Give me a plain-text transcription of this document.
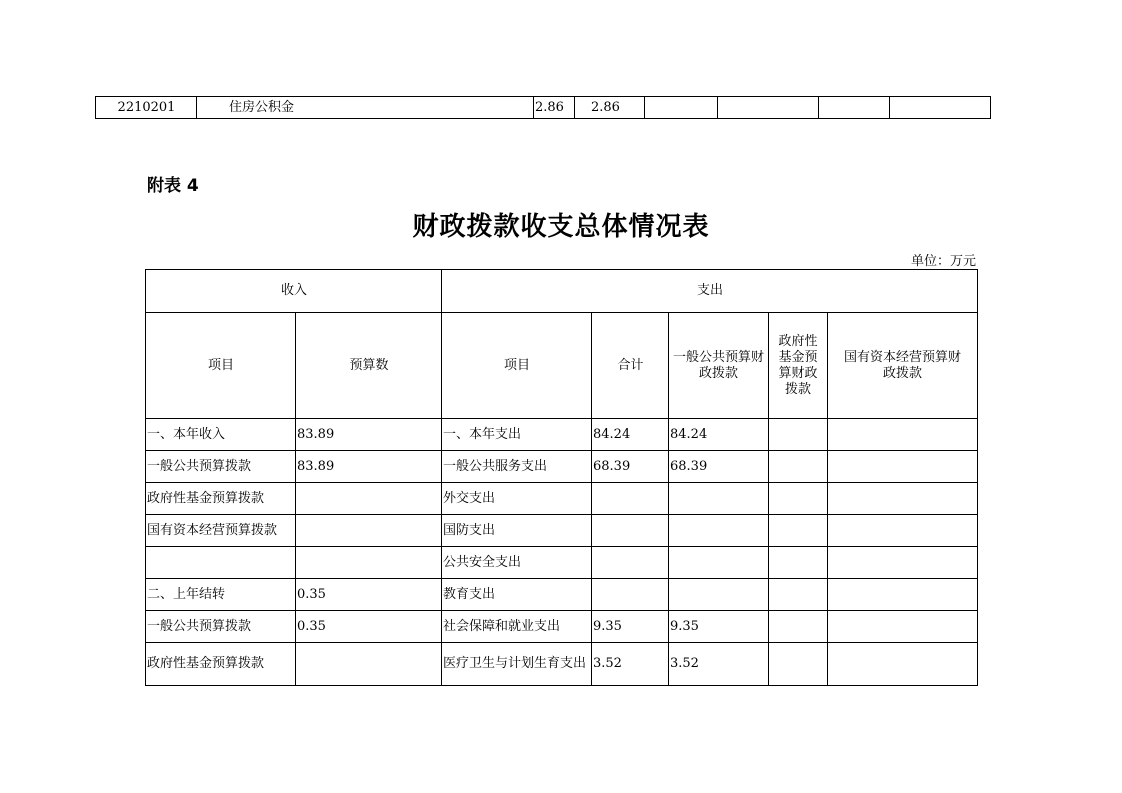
2210201	住房公积金	2.86	2.86				
附表 4
财政拨款收支总体情况表
单位：万元
收入		支出				
项目	预算数	项目	合计	一般公共预算财政拨款	政府性基金预算财政拨款	国有资本经营预算财政拨款
一、本年收入	83.89	一、本年支出	84.24	84.24		
一般公共预算拨款	83.89	一般公共服务支出	68.39	68.39		
政府性基金预算拨款		外交支出				
国有资本经营预算拨款		国防支出				
		公共安全支出				
二、上年结转	0.35	教育支出				
一般公共预算拨款	0.35	社会保障和就业支出	9.35	9.35		
政府性基金预算拨款		医疗卫生与计划生育支出	3.52	3.52		
